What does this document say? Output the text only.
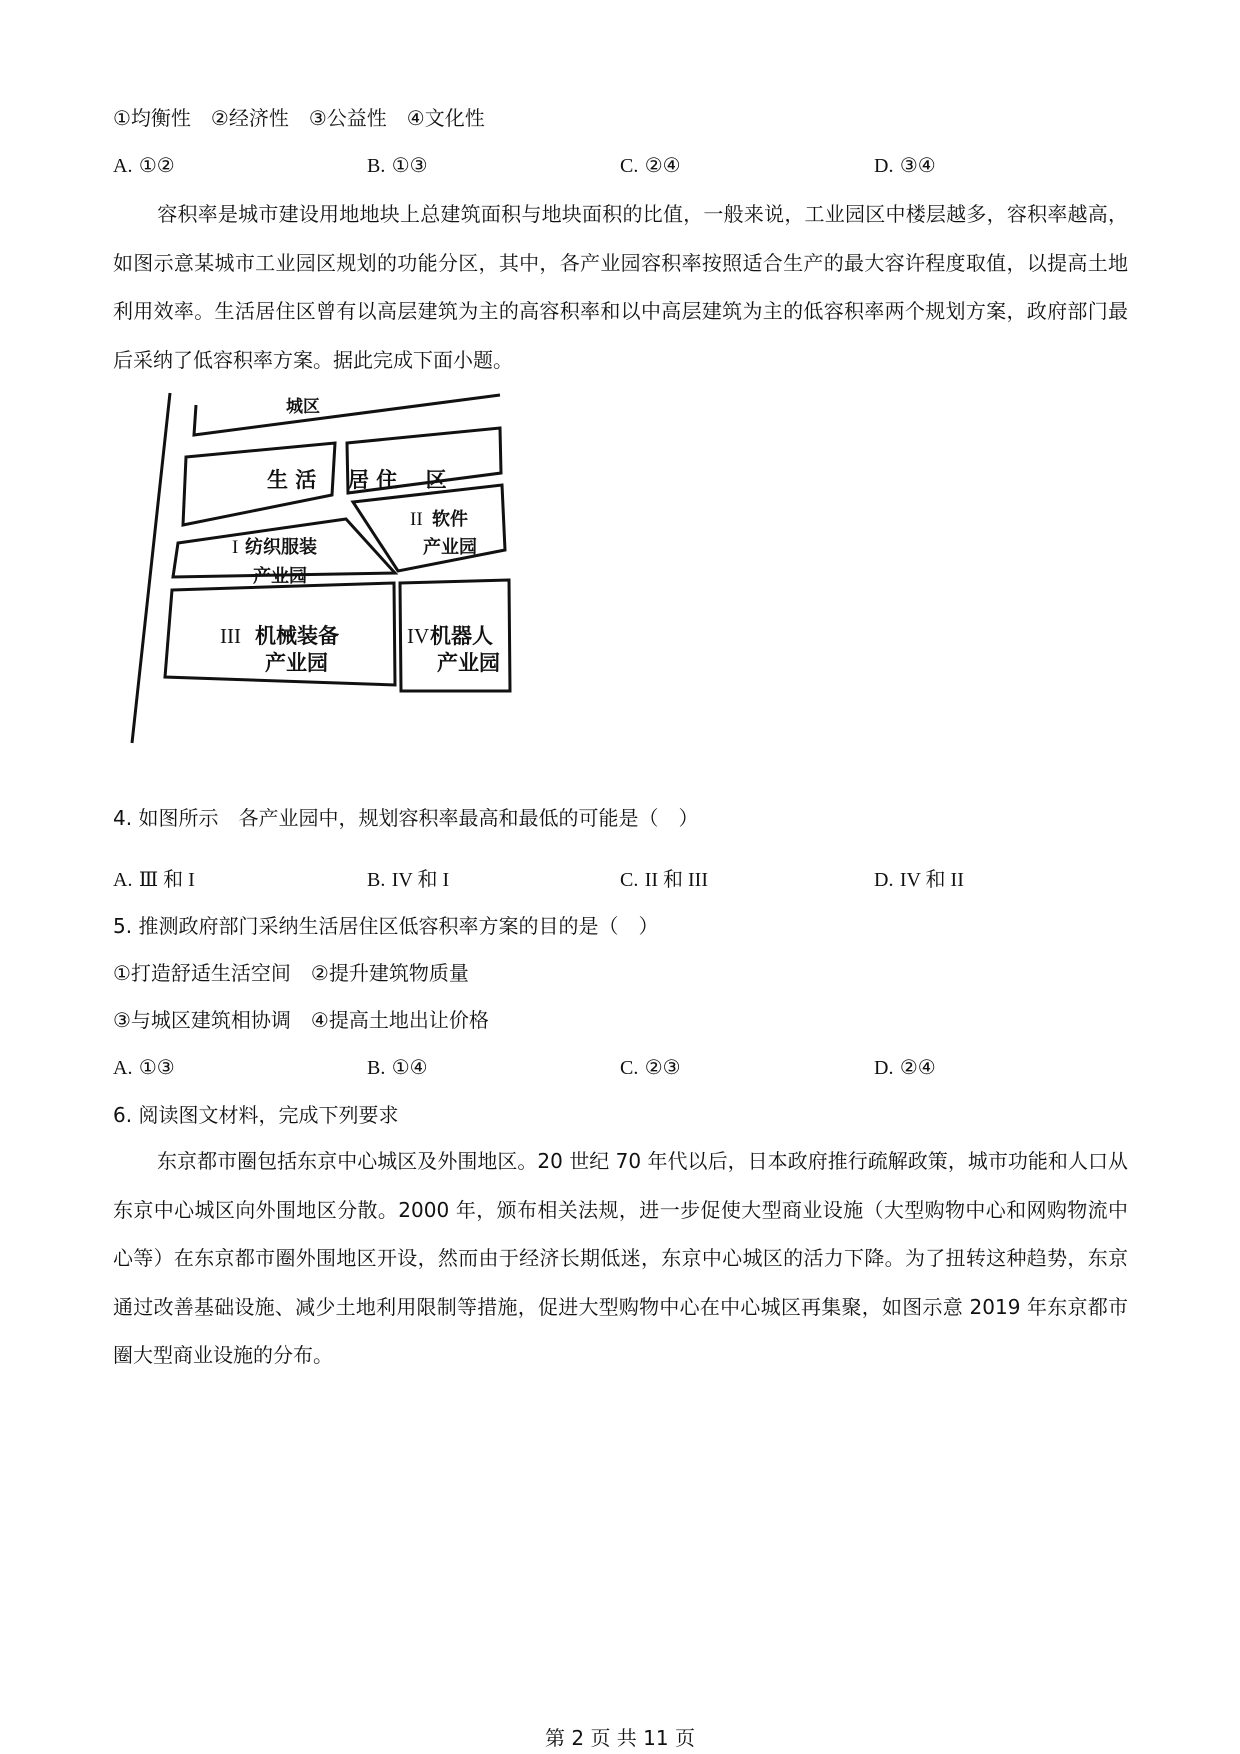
①均衡性　②经济性　③公益性　④文化性
A. ①②	B. ①③	C. ②④	D. ③④
容积率是城市建设用地地块上总建筑面积与地块面积的比值，一般来说，工业园区中楼层越多，容积率越高，如图示意某城市工业园区规划的功能分区，其中，各产业园容积率按照适合生产的最大容许程度取值，以提高土地利用效率。生活居住区曾有以高层建筑为主的高容积率和以中高层建筑为主的低容积率两个规划方案，政府部门最后采纳了低容积率方案。据此完成下面小题。
城区
生 活 居 住　 区
I 纺织服装
产业园
II 软件
产业园
III 机械装备
产业园
IV 机器人
产业园
4. 如图所示　各产业园中，规划容积率最高和最低的可能是（　）
A. Ⅲ 和 I	B. IV 和 I	C. II 和 III	D. IV 和 II
5. 推测政府部门采纳生活居住区低容积率方案的目的是（　）
①打造舒适生活空间　②提升建筑物质量
③与城区建筑相协调　④提高土地出让价格
A. ①③	B. ①④	C. ②③	D. ②④
6. 阅读图文材料，完成下列要求
东京都市圈包括东京中心城区及外围地区。20 世纪 70 年代以后，日本政府推行疏解政策，城市功能和人口从东京中心城区向外围地区分散。2000 年，颁布相关法规，进一步促使大型商业设施（大型购物中心和网购物流中心等）在东京都市圈外围地区开设，然而由于经济长期低迷，东京中心城区的活力下降。为了扭转这种趋势，东京通过改善基础设施、减少土地利用限制等措施，促进大型购物中心在中心城区再集聚，如图示意 2019 年东京都市圈大型商业设施的分布。
第 2 页 共 11 页
